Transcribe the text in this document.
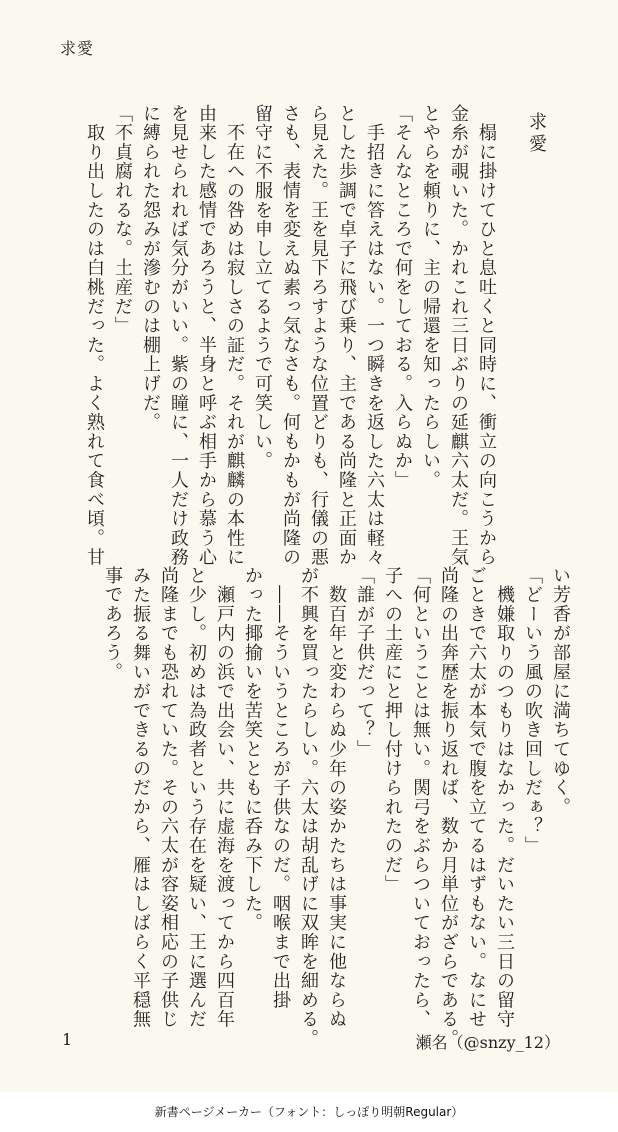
求愛
求愛
　榻に掛けてひと息吐くと同時に、衝立の向こうから
金糸が覗いた。かれこれ三日ぶりの延麒六太だ。王気
とやらを頼りに、主の帰還を知ったらしい。
「そんなところで何をしておる。入らぬか」
　手招きに答えはない。一つ瞬きを返した六太は軽々
とした歩調で卓子に飛び乗り、主である尚隆と正面か
ら見えた。王を見下ろすような位置どりも、行儀の悪
さも、表情を変えぬ素っ気なさも。何もかもが尚隆の
留守に不服を申し立てるようで可笑しい。
　不在への咎めは寂しさの証だ。それが麒麟の本性に
由来した感情であろうと、半身と呼ぶ相手から慕う心
を見せられれば気分がいい。紫の瞳に、一人だけ政務
に縛られた怨みが滲むのは棚上げだ。
「不貞腐れるな。土産だ」
　取り出したのは白桃だった。よく熟れて食べ頃。甘
い芳香が部屋に満ちてゆく。
「どーいう風の吹き回しだぁ？」
　機嫌取りのつもりはなかった。だいたい三日の留守
ごときで六太が本気で腹を立てるはずもない。なにせ
尚隆の出奔歴を振り返れば、数か月単位がざらである。
「何ということは無い。関弓をぶらついておったら、
子への土産にと押し付けられたのだ」
「誰が子供だって？」
　数百年と変わらぬ少年の姿かたちは事実に他ならぬ
が不興を買ったらしい。六太は胡乱げに双眸を細める。
　――そういうところが子供なのだ。咽喉まで出掛
かった揶揄いを苦笑とともに呑み下した。
　瀬戸内の浜で出会い、共に虚海を渡ってから四百年
と少し。初めは為政者という存在を疑い、王に選んだ
尚隆までも恐れていた。その六太が容姿相応の子供じ
みた振る舞いができるのだから、雁はしばらく平穏無
事であろう。
1	瀬名（@snzy_12）
新書ページメーカー（フォント：しっぽり明朝Regular）
